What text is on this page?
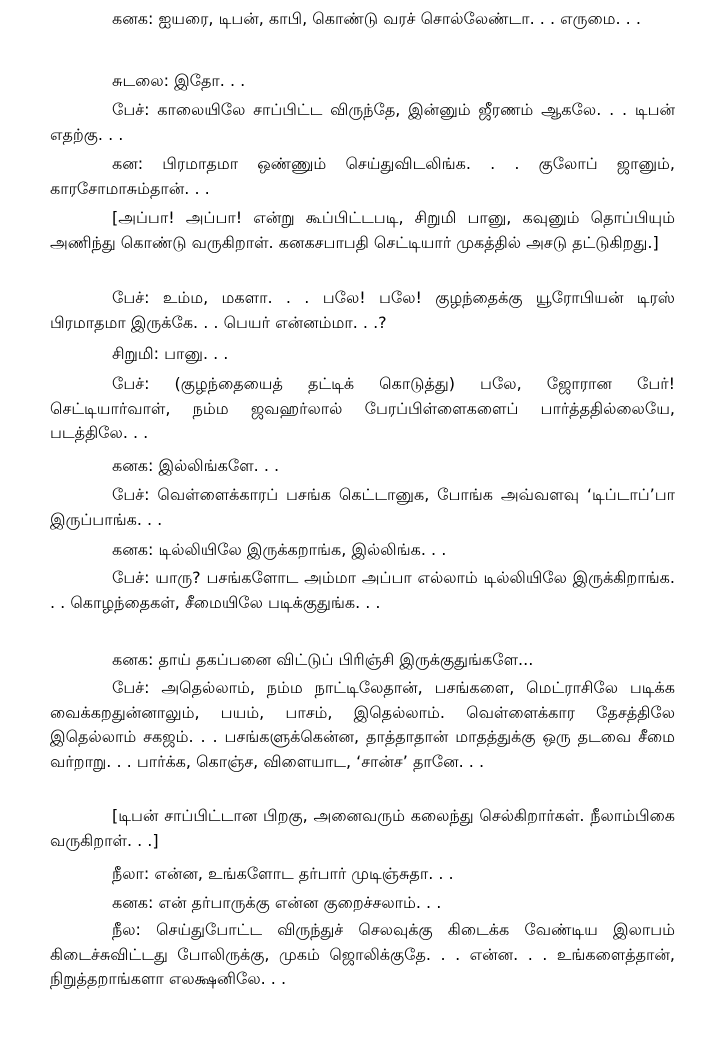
கனக: ஐயரை, டிபன், காபி, கொண்டு வரச் சொல்லேண்டா. . . எருமை. . .
சுடலை: இதோ. . .
பேச்: காலையிலே சாப்பிட்ட விருந்தே, இன்னும் ஜீரணம் ஆகலே. . . டிபன் எதற்கு. . .
கன: பிரமாதமா ஒண்ணும் செய்துவிடலிங்க. . . குலோப் ஜானும், காரசோமாசும்தான். . .
[அப்பா! அப்பா! என்று கூப்பிட்டபடி, சிறுமி பானு, கவுனும் தொப்பியும் அணிந்து கொண்டு வருகிறாள். கனகசபாபதி செட்டியார் முகத்தில் அசடு தட்டுகிறது.]
பேச்: உம்ம, மகளா. . . பலே! பலே! குழந்தைக்கு யூரோபியன் டிரஸ் பிரமாதமா இருக்கே. . . பெயர் என்னம்மா. . .?
சிறுமி: பானு. . .
பேச்: (குழந்தையைத் தட்டிக் கொடுத்து) பலே, ஜோரான பேர்! செட்டியார்வாள், நம்ம ஜவஹர்லால் பேரப்பிள்ளைகளைப் பார்த்ததில்லையே, படத்திலே. . .
கனக: இல்லிங்களே. . .
பேச்: வெள்ளைக்காரப் பசங்க கெட்டானுக, போங்க அவ்வளவு ‘டிப்டாப்’பா இருப்பாங்க. . .
கனக: டில்லியிலே இருக்கறாங்க, இல்லிங்க. . .
பேச்: யாரு? பசங்களோட அம்மா அப்பா எல்லாம் டில்லியிலே இருக்கிறாங்க. . . கொழந்தைகள், சீமையிலே படிக்குதுங்க. . .
கனக: தாய் தகப்பனை விட்டுப் பிரிஞ்சி இருக்குதுங்களே...
பேச்: அதெல்லாம், நம்ம நாட்டிலேதான், பசங்களை, மெட்ராசிலே படிக்க வைக்கறதுன்னாலும், பயம், பாசம், இதெல்லாம். வெள்ளைக்கார தேசத்திலே இதெல்லாம் சகஜம். . . பசங்களுக்கென்ன, தாத்தாதான் மாதத்துக்கு ஒரு தடவை சீமை வர்றாறு. . . பார்க்க, கொஞ்ச, விளையாட, ‘சான்ச’ தானே. . .
[டிபன் சாப்பிட்டான பிறகு, அனைவரும் கலைந்து செல்கிறார்கள். நீலாம்பிகை வருகிறாள். . .]
நீலா: என்ன, உங்களோட தர்பார் முடிஞ்சுதா. . .
கனக: என் தர்பாருக்கு என்ன குறைச்சலாம். . .
நீல: செய்துபோட்ட விருந்துச் செலவுக்கு கிடைக்க வேண்டிய இலாபம் கிடைச்சுவிட்டது போலிருக்கு, முகம் ஜொலிக்குதே. . . என்ன. . . உங்களைத்தான், நிறுத்தறாங்களா எலக்ஷனிலே. . .
